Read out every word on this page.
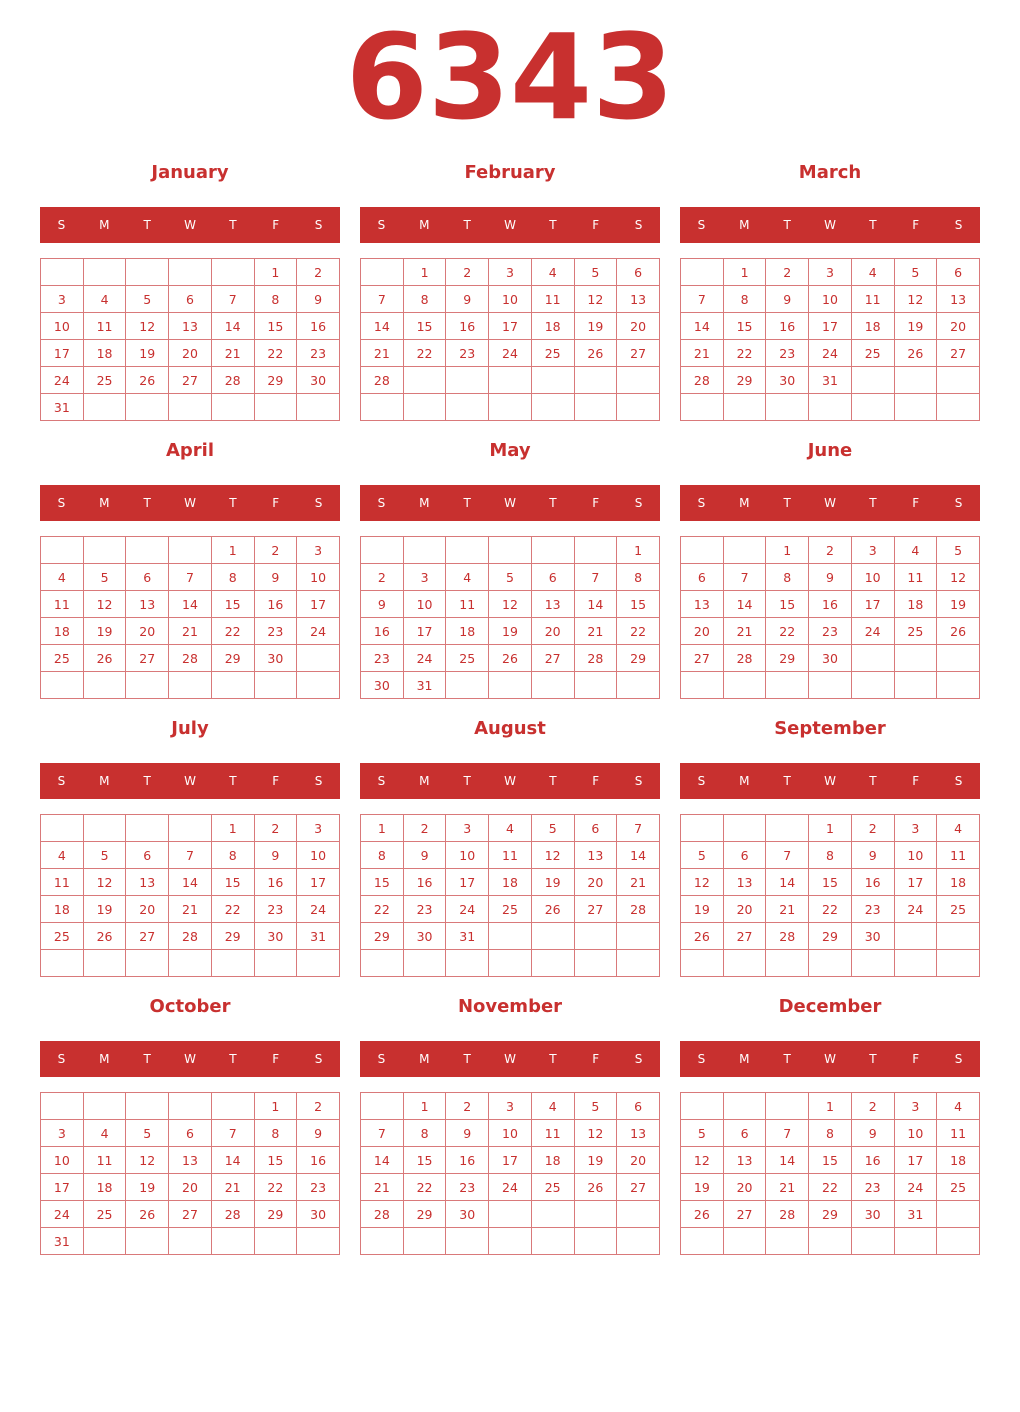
6343
January
S	M	T	W	T	F	S
					1	2
3	4	5	6	7	8	9
10	11	12	13	14	15	16
17	18	19	20	21	22	23
24	25	26	27	28	29	30
31						
February
S	M	T	W	T	F	S
	1	2	3	4	5	6
7	8	9	10	11	12	13
14	15	16	17	18	19	20
21	22	23	24	25	26	27
28						

March
S	M	T	W	T	F	S
	1	2	3	4	5	6
7	8	9	10	11	12	13
14	15	16	17	18	19	20
21	22	23	24	25	26	27
28	29	30	31			

April
S	M	T	W	T	F	S
				1	2	3
4	5	6	7	8	9	10
11	12	13	14	15	16	17
18	19	20	21	22	23	24
25	26	27	28	29	30	

May
S	M	T	W	T	F	S
						1
2	3	4	5	6	7	8
9	10	11	12	13	14	15
16	17	18	19	20	21	22
23	24	25	26	27	28	29
30	31					
June
S	M	T	W	T	F	S
		1	2	3	4	5
6	7	8	9	10	11	12
13	14	15	16	17	18	19
20	21	22	23	24	25	26
27	28	29	30			

July
S	M	T	W	T	F	S
				1	2	3
4	5	6	7	8	9	10
11	12	13	14	15	16	17
18	19	20	21	22	23	24
25	26	27	28	29	30	31

August
S	M	T	W	T	F	S
1	2	3	4	5	6	7
8	9	10	11	12	13	14
15	16	17	18	19	20	21
22	23	24	25	26	27	28
29	30	31				

September
S	M	T	W	T	F	S
			1	2	3	4
5	6	7	8	9	10	11
12	13	14	15	16	17	18
19	20	21	22	23	24	25
26	27	28	29	30		

October
S	M	T	W	T	F	S
					1	2
3	4	5	6	7	8	9
10	11	12	13	14	15	16
17	18	19	20	21	22	23
24	25	26	27	28	29	30
31						
November
S	M	T	W	T	F	S
	1	2	3	4	5	6
7	8	9	10	11	12	13
14	15	16	17	18	19	20
21	22	23	24	25	26	27
28	29	30				

December
S	M	T	W	T	F	S
			1	2	3	4
5	6	7	8	9	10	11
12	13	14	15	16	17	18
19	20	21	22	23	24	25
26	27	28	29	30	31	
